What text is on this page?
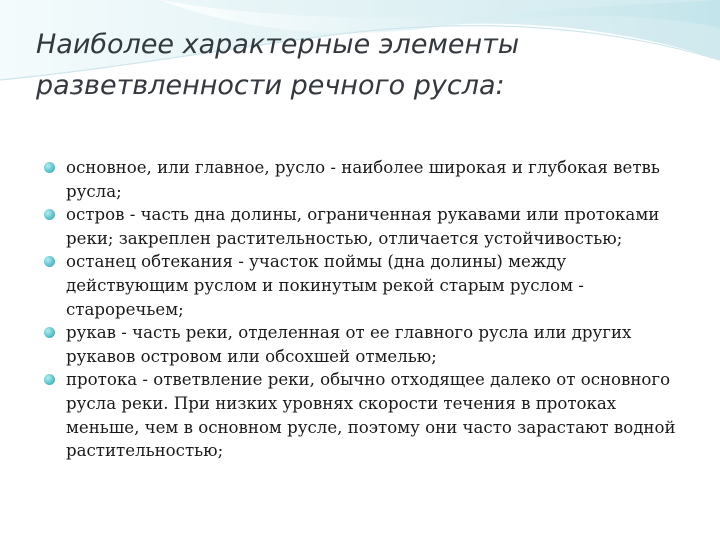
Наиболее характерные элементы
разветвленности речного русла:
основное, или главное, русло - наиболее широкая и глубокая ветвь русла;
остров - часть дна долины, ограниченная рукавами или протоками реки; закреплен растительностью, отличается устойчивостью;
останец обтекания - участок поймы (дна долины) между действующим руслом и покинутым рекой старым руслом - староречьем;
рукав - часть реки, отделенная от ее главного русла или других рукавов островом или обсохшей отмелью;
протока - ответвление реки, обычно отходящее далеко от основного русла реки. При низких уровнях скорости течения в протоках меньше, чем в основном русле, поэтому они часто зарастают водной растительностью;
